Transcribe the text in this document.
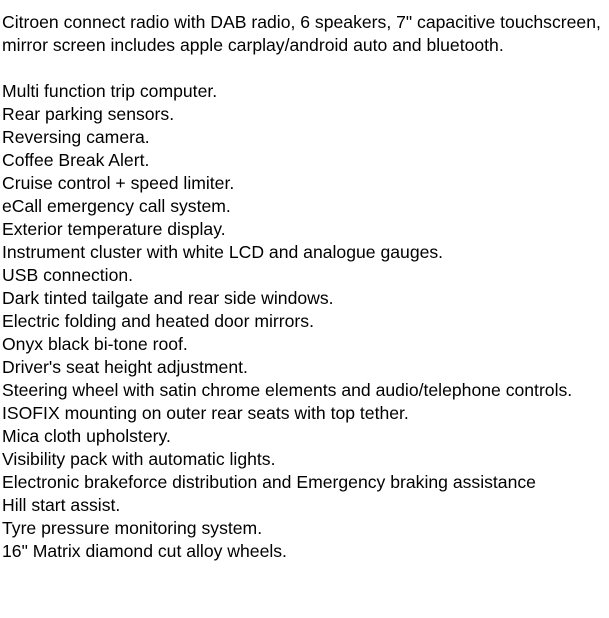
Citroen connect radio with DAB radio, 6 speakers, 7" capacitive touchscreen, mirror screen includes apple carplay/android auto and bluetooth.

Multi function trip computer.
Rear parking sensors.
Reversing camera.
Coffee Break Alert.
Cruise control + speed limiter.
eCall emergency call system.
Exterior temperature display.
Instrument cluster with white LCD and analogue gauges.
USB connection.
Dark tinted tailgate and rear side windows.
Electric folding and heated door mirrors.
Onyx black bi-tone roof.
Driver's seat height adjustment.
Steering wheel with satin chrome elements and audio/telephone controls.
ISOFIX mounting on outer rear seats with top tether.
Mica cloth upholstery.
Visibility pack with automatic lights.
Electronic brakeforce distribution and Emergency braking assistance
Hill start assist.
Tyre pressure monitoring system.
16" Matrix diamond cut alloy wheels.
